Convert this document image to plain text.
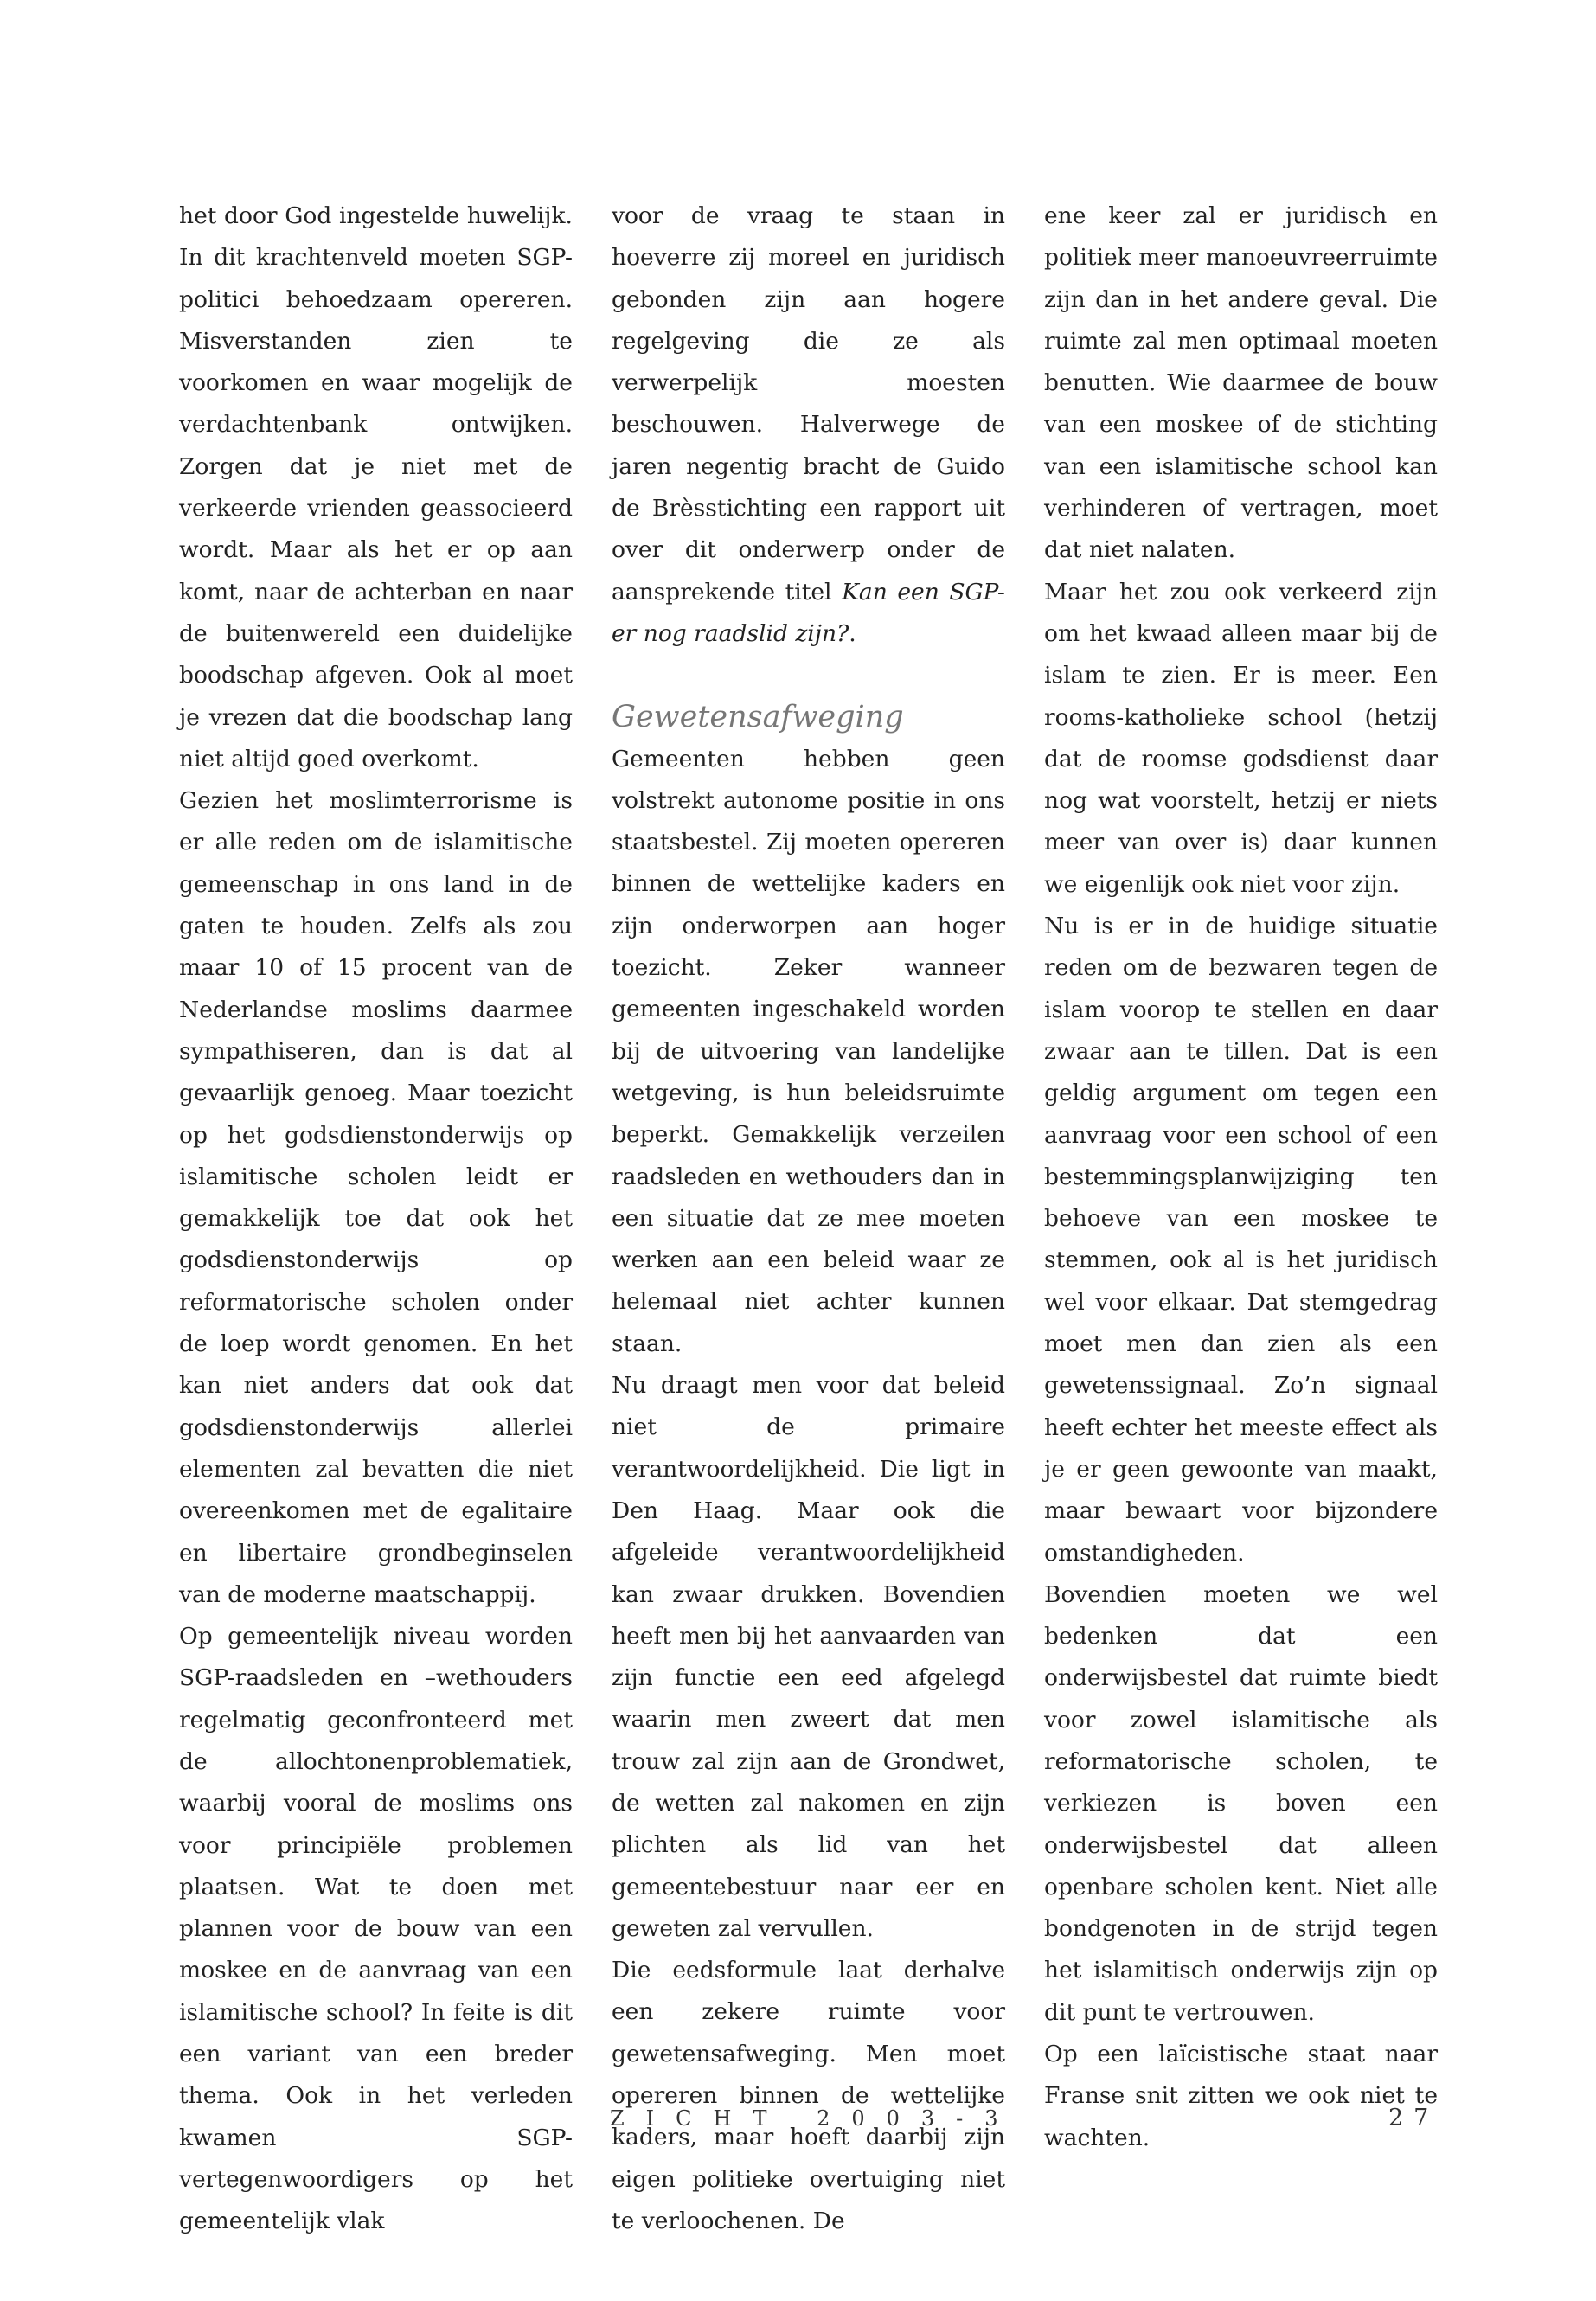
het door God ingestelde huwelijk. In dit krachtenveld moeten SGP-politici behoedzaam opereren. Misverstanden zien te voorkomen en waar mogelijk de verdachtenbank ontwijken. Zorgen dat je niet met de verkeerde vrienden geassocieerd wordt. Maar als het er op aan komt, naar de achterban en naar de buitenwereld een duidelijke boodschap afgeven. Ook al moet je vrezen dat die boodschap lang niet altijd goed overkomt.

Gezien het moslimterrorisme is er alle reden om de islamitische gemeenschap in ons land in de gaten te houden. Zelfs als zou maar 10 of 15 procent van de Nederlandse moslims daarmee sympathiseren, dan is dat al gevaarlijk genoeg. Maar toezicht op het godsdienstonderwijs op islamitische scholen leidt er gemakkelijk toe dat ook het godsdienstonderwijs op reformatorische scholen onder de loep wordt genomen. En het kan niet anders dat ook dat godsdienstonderwijs allerlei elementen zal bevatten die niet overeenkomen met de egalitaire en libertaire grondbeginselen van de moderne maatschappij.

Op gemeentelijk niveau worden SGP-raadsleden en –wethouders regelmatig geconfronteerd met de allochtonenproblematiek, waarbij vooral de moslims ons voor principiële problemen plaatsen. Wat te doen met plannen voor de bouw van een moskee en de aanvraag van een islamitische school? In feite is dit een variant van een breder thema. Ook in het verleden kwamen SGP-vertegenwoordigers op het gemeentelijk vlak

voor de vraag te staan in hoeverre zij moreel en juridisch gebonden zijn aan hogere regelgeving die ze als verwerpelijk moesten beschouwen. Halverwege de jaren negentig bracht de Guido de Brèsstichting een rapport uit over dit onderwerp onder de aansprekende titel Kan een SGP-er nog raadslid zijn?.

Gewetensafweging

Gemeenten hebben geen volstrekt autonome positie in ons staatsbestel. Zij moeten opereren binnen de wettelijke kaders en zijn onderworpen aan hoger toezicht. Zeker wanneer gemeenten ingeschakeld worden bij de uitvoering van landelijke wetgeving, is hun beleidsruimte beperkt. Gemakkelijk verzeilen raadsleden en wethouders dan in een situatie dat ze mee moeten werken aan een beleid waar ze helemaal niet achter kunnen staan.

Nu draagt men voor dat beleid niet de primaire verantwoordelijkheid. Die ligt in Den Haag. Maar ook die afgeleide verantwoordelijkheid kan zwaar drukken. Bovendien heeft men bij het aanvaarden van zijn functie een eed afgelegd waarin men zweert dat men trouw zal zijn aan de Grondwet, de wetten zal nakomen en zijn plichten als lid van het gemeentebestuur naar eer en geweten zal vervullen.

Die eedsformule laat derhalve een zekere ruimte voor gewetensafweging. Men moet opereren binnen de wettelijke kaders, maar hoeft daarbij zijn eigen politieke overtuiging niet te verloochenen. De

ene keer zal er juridisch en politiek meer manoeuvreerruimte zijn dan in het andere geval. Die ruimte zal men optimaal moeten benutten. Wie daarmee de bouw van een moskee of de stichting van een islamitische school kan verhinderen of vertragen, moet dat niet nalaten.

Maar het zou ook verkeerd zijn om het kwaad alleen maar bij de islam te zien. Er is meer. Een rooms-katholieke school (hetzij dat de roomse godsdienst daar nog wat voorstelt, hetzij er niets meer van over is) daar kunnen we eigenlijk ook niet voor zijn.

Nu is er in de huidige situatie reden om de bezwaren tegen de islam voorop te stellen en daar zwaar aan te tillen. Dat is een geldig argument om tegen een aanvraag voor een school of een bestemmingsplanwijziging ten behoeve van een moskee te stemmen, ook al is het juridisch wel voor elkaar. Dat stemgedrag moet men dan zien als een gewetenssignaal. Zo’n signaal heeft echter het meeste effect als je er geen gewoonte van maakt, maar bewaart voor bijzondere omstandigheden.

Bovendien moeten we wel bedenken dat een onderwijsbestel dat ruimte biedt voor zowel islamitische als reformatorische scholen, te verkiezen is boven een onderwijsbestel dat alleen openbare scholen kent. Niet alle bondgenoten in de strijd tegen het islamitisch onderwijs zijn op dit punt te vertrouwen.

Op een laïcistische staat naar Franse snit zitten we ook niet te wachten.

ZICHT 2003-3	27
